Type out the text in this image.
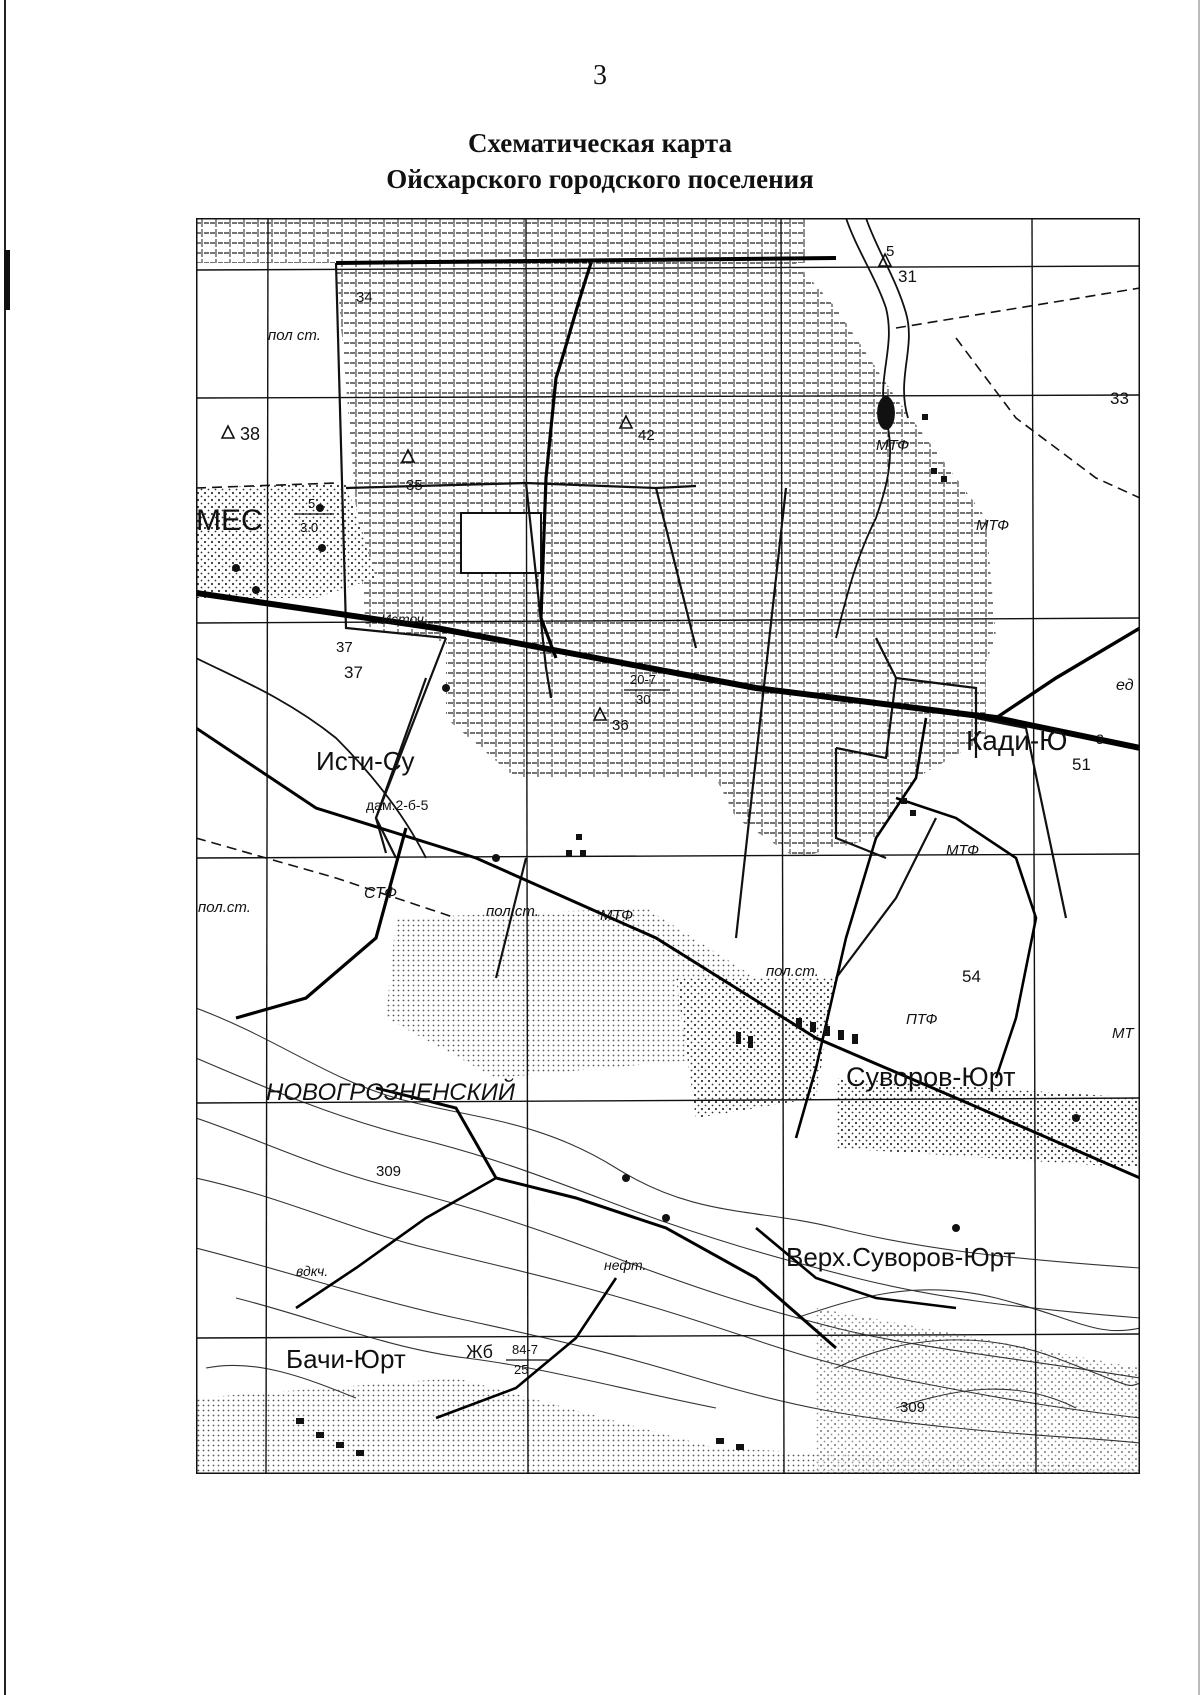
3
Схематическая карта
Ойсхарского городского поселения
МЕС
Кади-Ю
Исти-Су
НОВОГРОЗНЕНСКИЙ
Суворов-Юрт
Верх.Суворов-Юрт
Бачи-Юрт
пол ст.
пол.ст.	пол.ст.
пол.ст.
МТФ
МТФ
МТФ
МТФ
ПТФ
МТ
СТФ
Источ.
нефт.
вдкч.
Жб
ед
дам.2-б-5
5
31
33
38
35
34
42
36
37
37
51
3
54
309
309
5
3.0
20-7
30
84-7
25
